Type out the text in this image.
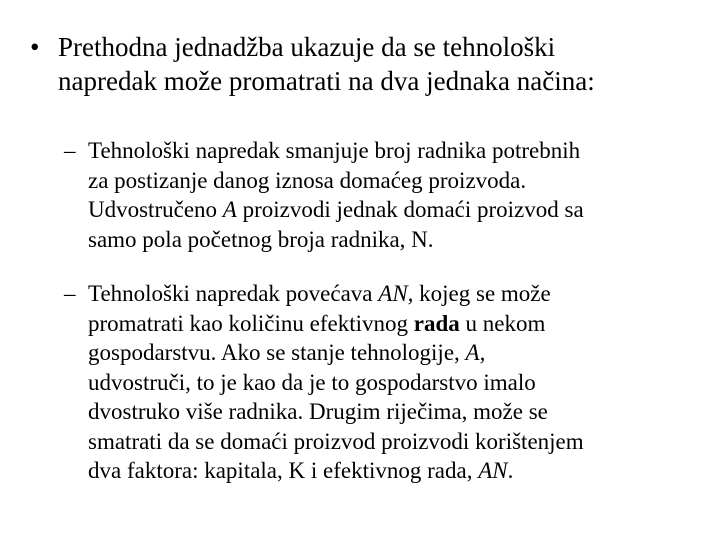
• Prethodna jednadžba ukazuje da se tehnološki
napredak može promatrati na dva jednaka načina:
– Tehnološki napredak smanjuje broj radnika potrebnih
za postizanje danog iznosa domaćeg proizvoda.
Udvostručeno A proizvodi jednak domaći proizvod sa
samo pola početnog broja radnika, N.
– Tehnološki napredak povećava AN, kojeg se može
promatrati kao količinu efektivnog rada u nekom
gospodarstvu. Ako se stanje tehnologije, A,
udvostruči, to je kao da je to gospodarstvo imalo
dvostruko više radnika. Drugim riječima, može se
smatrati da se domaći proizvod proizvodi korištenjem
dva faktora: kapitala, K i efektivnog rada, AN.
